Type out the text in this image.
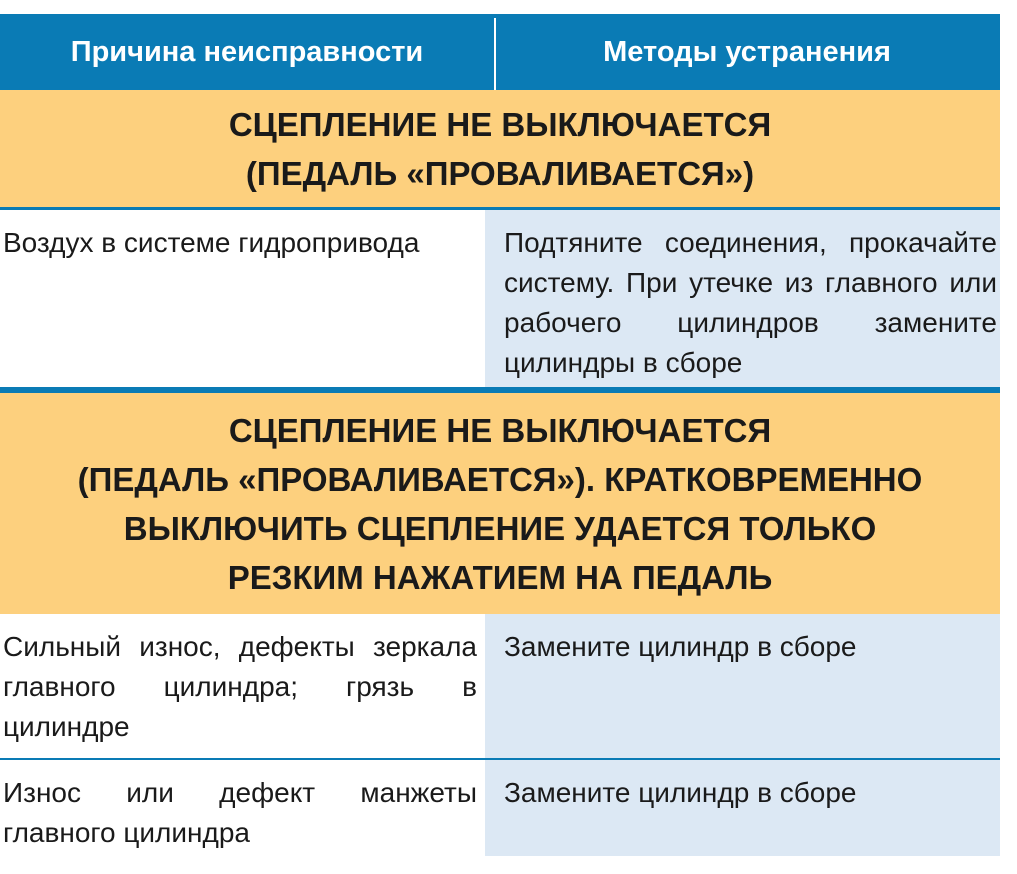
Причина неисправности	Методы устранения
СЦЕПЛЕНИЕ НЕ ВЫКЛЮЧАЕТСЯ
(ПЕДАЛЬ «ПРОВАЛИВАЕТСЯ»)
Воздух в системе гидропривода	Подтяните соединения, прокачайте систему. При утечке из главного или рабочего цилиндров замените цилиндры в сборе
СЦЕПЛЕНИЕ НЕ ВЫКЛЮЧАЕТСЯ
(ПЕДАЛЬ «ПРОВАЛИВАЕТСЯ»). КРАТКОВРЕМЕННО
ВЫКЛЮЧИТЬ СЦЕПЛЕНИЕ УДАЕТСЯ ТОЛЬКО
РЕЗКИМ НАЖАТИЕМ НА ПЕДАЛЬ
Сильный износ, дефекты зеркала главного цилиндра; грязь в цилиндре
Замените цилиндр в сборе
Износ или дефект манжеты главного цилиндра
Замените цилиндр в сборе
